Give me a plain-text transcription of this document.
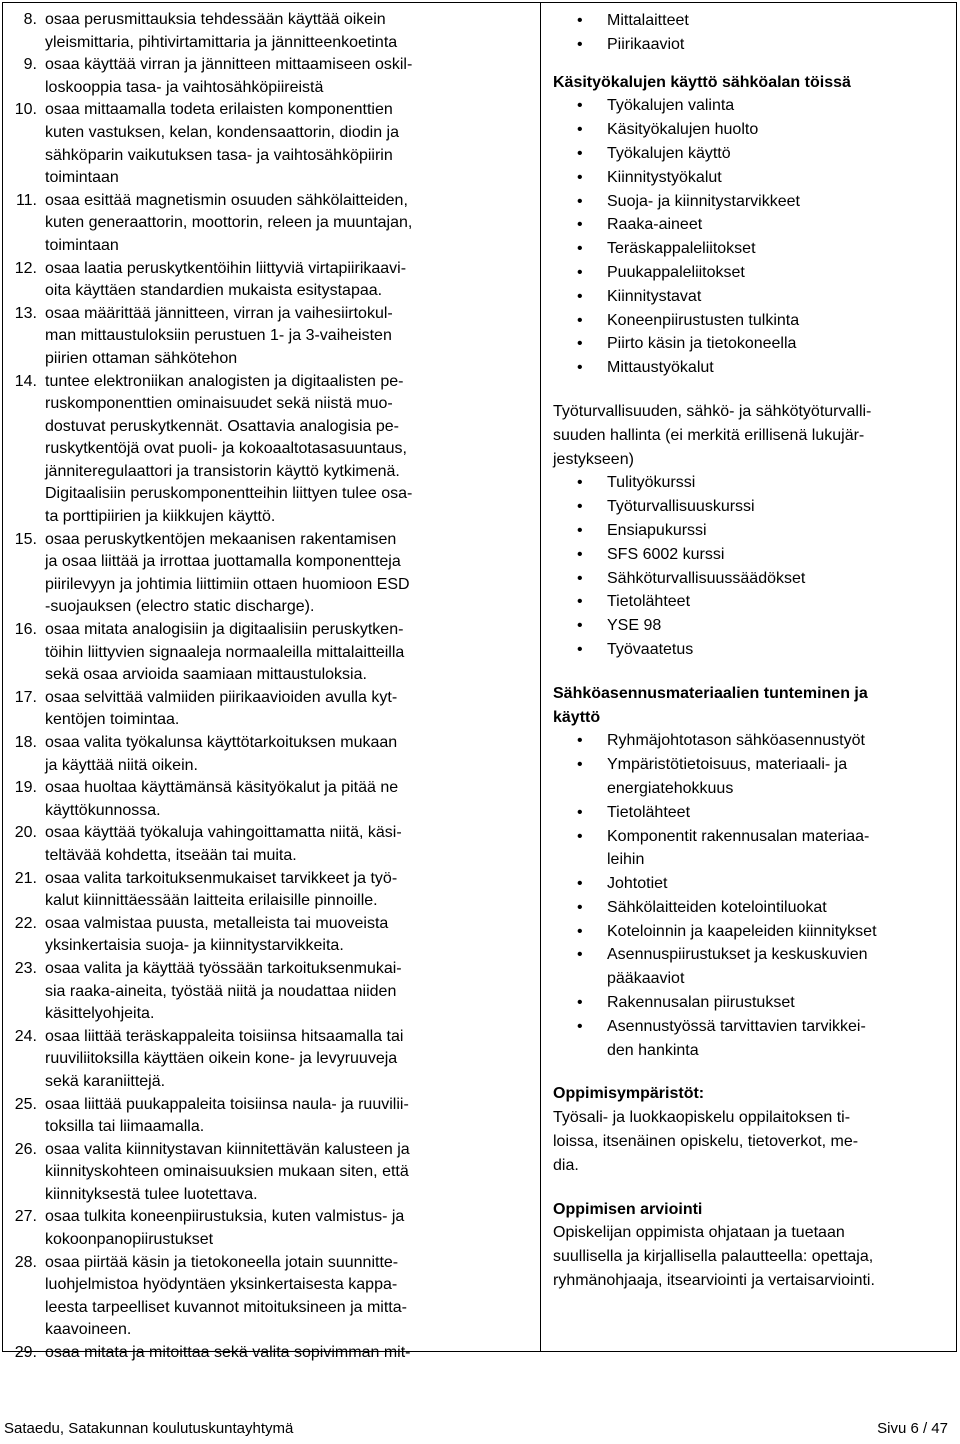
8. osaa perusmittauksia tehdessään käyttää oikein
yleismittaria, pihtivirtamittaria ja jännitteenkoetinta
9. osaa käyttää virran ja jännitteen mittaamiseen oskil-
loskooppia tasa- ja vaihtosähköpiireistä
10. osaa mittaamalla todeta erilaisten komponenttien
kuten vastuksen, kelan, kondensaattorin, diodin ja
sähköparin vaikutuksen tasa- ja vaihtosähköpiirin
toimintaan
11. osaa esittää magnetismin osuuden sähkölaitteiden,
kuten generaattorin, moottorin, releen ja muuntajan,
toimintaan
12. osaa laatia peruskytkentöihin liittyviä virtapiirikaavi-
oita käyttäen standardien mukaista esitystapaa.
13. osaa määrittää jännitteen, virran ja vaihesiirtokul-
man mittaustuloksiin perustuen 1- ja 3-vaiheisten
piirien ottaman sähkötehon
14. tuntee elektroniikan analogisten ja digitaalisten pe-
ruskomponenttien ominaisuudet sekä niistä muo-
dostuvat peruskytkennät. Osattavia analogisia pe-
ruskytkentöjä ovat puoli- ja kokoaaltotasasuuntaus,
jänniteregulaattori ja transistorin käyttö kytkimenä.
Digitaalisiin peruskomponentteihin liittyen tulee osa-
ta porttipiirien ja kiikkujen käyttö.
15. osaa peruskytkentöjen mekaanisen rakentamisen
ja osaa liittää ja irrottaa juottamalla komponentteja
piirilevyyn ja johtimia liittimiin ottaen huomioon ESD
-suojauksen (electro static discharge).
16. osaa mitata analogisiin ja digitaalisiin peruskytken-
töihin liittyvien signaaleja normaaleilla mittalaitteilla
sekä osaa arvioida saamiaan mittaustuloksia.
17. osaa selvittää valmiiden piirikaavioiden avulla kyt-
kentöjen toimintaa.
18. osaa valita työkalunsa käyttötarkoituksen mukaan
ja käyttää niitä oikein.
19. osaa huoltaa käyttämänsä käsityökalut ja pitää ne
käyttökunnossa.
20. osaa käyttää työkaluja vahingoittamatta niitä, käsi-
teltävää kohdetta, itseään tai muita.
21. osaa valita tarkoituksenmukaiset tarvikkeet ja työ-
kalut kiinnittäessään laitteita erilaisille pinnoille.
22. osaa valmistaa puusta, metalleista tai muoveista
yksinkertaisia suoja- ja kiinnitystarvikkeita.
23. osaa valita ja käyttää työssään tarkoituksenmukai-
sia raaka-aineita, työstää niitä ja noudattaa niiden
käsittelyohjeita.
24. osaa liittää teräskappaleita toisiinsa hitsaamalla tai
ruuviliitoksilla käyttäen oikein kone- ja levyruuveja
sekä karaniittejä.
25. osaa liittää puukappaleita toisiinsa naula- ja ruuvilii-
toksilla tai liimaamalla.
26. osaa valita kiinnitystavan kiinnitettävän kalusteen ja
kiinnityskohteen ominaisuuksien mukaan siten, että
kiinnityksestä tulee luotettava.
27. osaa tulkita koneenpiirustuksia, kuten valmistus- ja
kokoonpanopiirustukset
28. osaa piirtää käsin ja tietokoneella jotain suunnitte-
luohjelmistoa hyödyntäen yksinkertaisesta kappa-
leesta tarpeelliset kuvannot mitoituksineen ja mitta-
kaavoineen.
29. osaa mitata ja mitoittaa sekä valita sopivimman mit-
•
Mittalaitteet
•
Piirikaaviot
Käsityökalujen käyttö sähköalan töissä
•
Työkalujen valinta
•
Käsityökalujen huolto
•
Työkalujen käyttö
•
Kiinnitystyökalut
•
Suoja- ja kiinnitystarvikkeet
•
Raaka-aineet
•
Teräskappaleliitokset
•
Puukappaleliitokset
•
Kiinnitystavat
•
Koneenpiirustusten tulkinta
•
Piirto käsin ja tietokoneella
•
Mittaustyökalut
Työturvallisuuden, sähkö- ja sähkötyöturvalli-
suuden hallinta (ei merkitä erillisenä lukujär-
jestykseen)
•
Tulityökurssi
•
Työturvallisuuskurssi
•
Ensiapukurssi
•
SFS 6002 kurssi
•
Sähköturvallisuussäädökset
•
Tietolähteet
•
YSE 98
•
Työvaatetus
Sähköasennusmateriaalien tunteminen ja
käyttö
•
Ryhmäjohtotason sähköasennustyöt
•
Ympäristötietoisuus, materiaali- ja
energiatehokkuus
•
Tietolähteet
•
Komponentit rakennusalan materiaa-
leihin
•
Johtotiet
•
Sähkölaitteiden kotelointiluokat
•
Koteloinnin ja kaapeleiden kiinnitykset
•
Asennuspiirustukset ja keskuskuvien
pääkaaviot
•
Rakennusalan piirustukset
•
Asennustyössä tarvittavien tarvikkei-
den hankinta
Oppimisympäristöt:
Työsali- ja luokkaopiskelu oppilaitoksen ti-
loissa, itsenäinen opiskelu, tietoverkot, me-
dia.
Oppimisen arviointi
Opiskelijan oppimista ohjataan ja tuetaan
suullisella ja kirjallisella palautteella: opettaja,
ryhmänohjaaja, itsearviointi ja vertaisarviointi.
Sataedu, Satakunnan koulutuskuntayhtymä	Sivu 6 / 47
